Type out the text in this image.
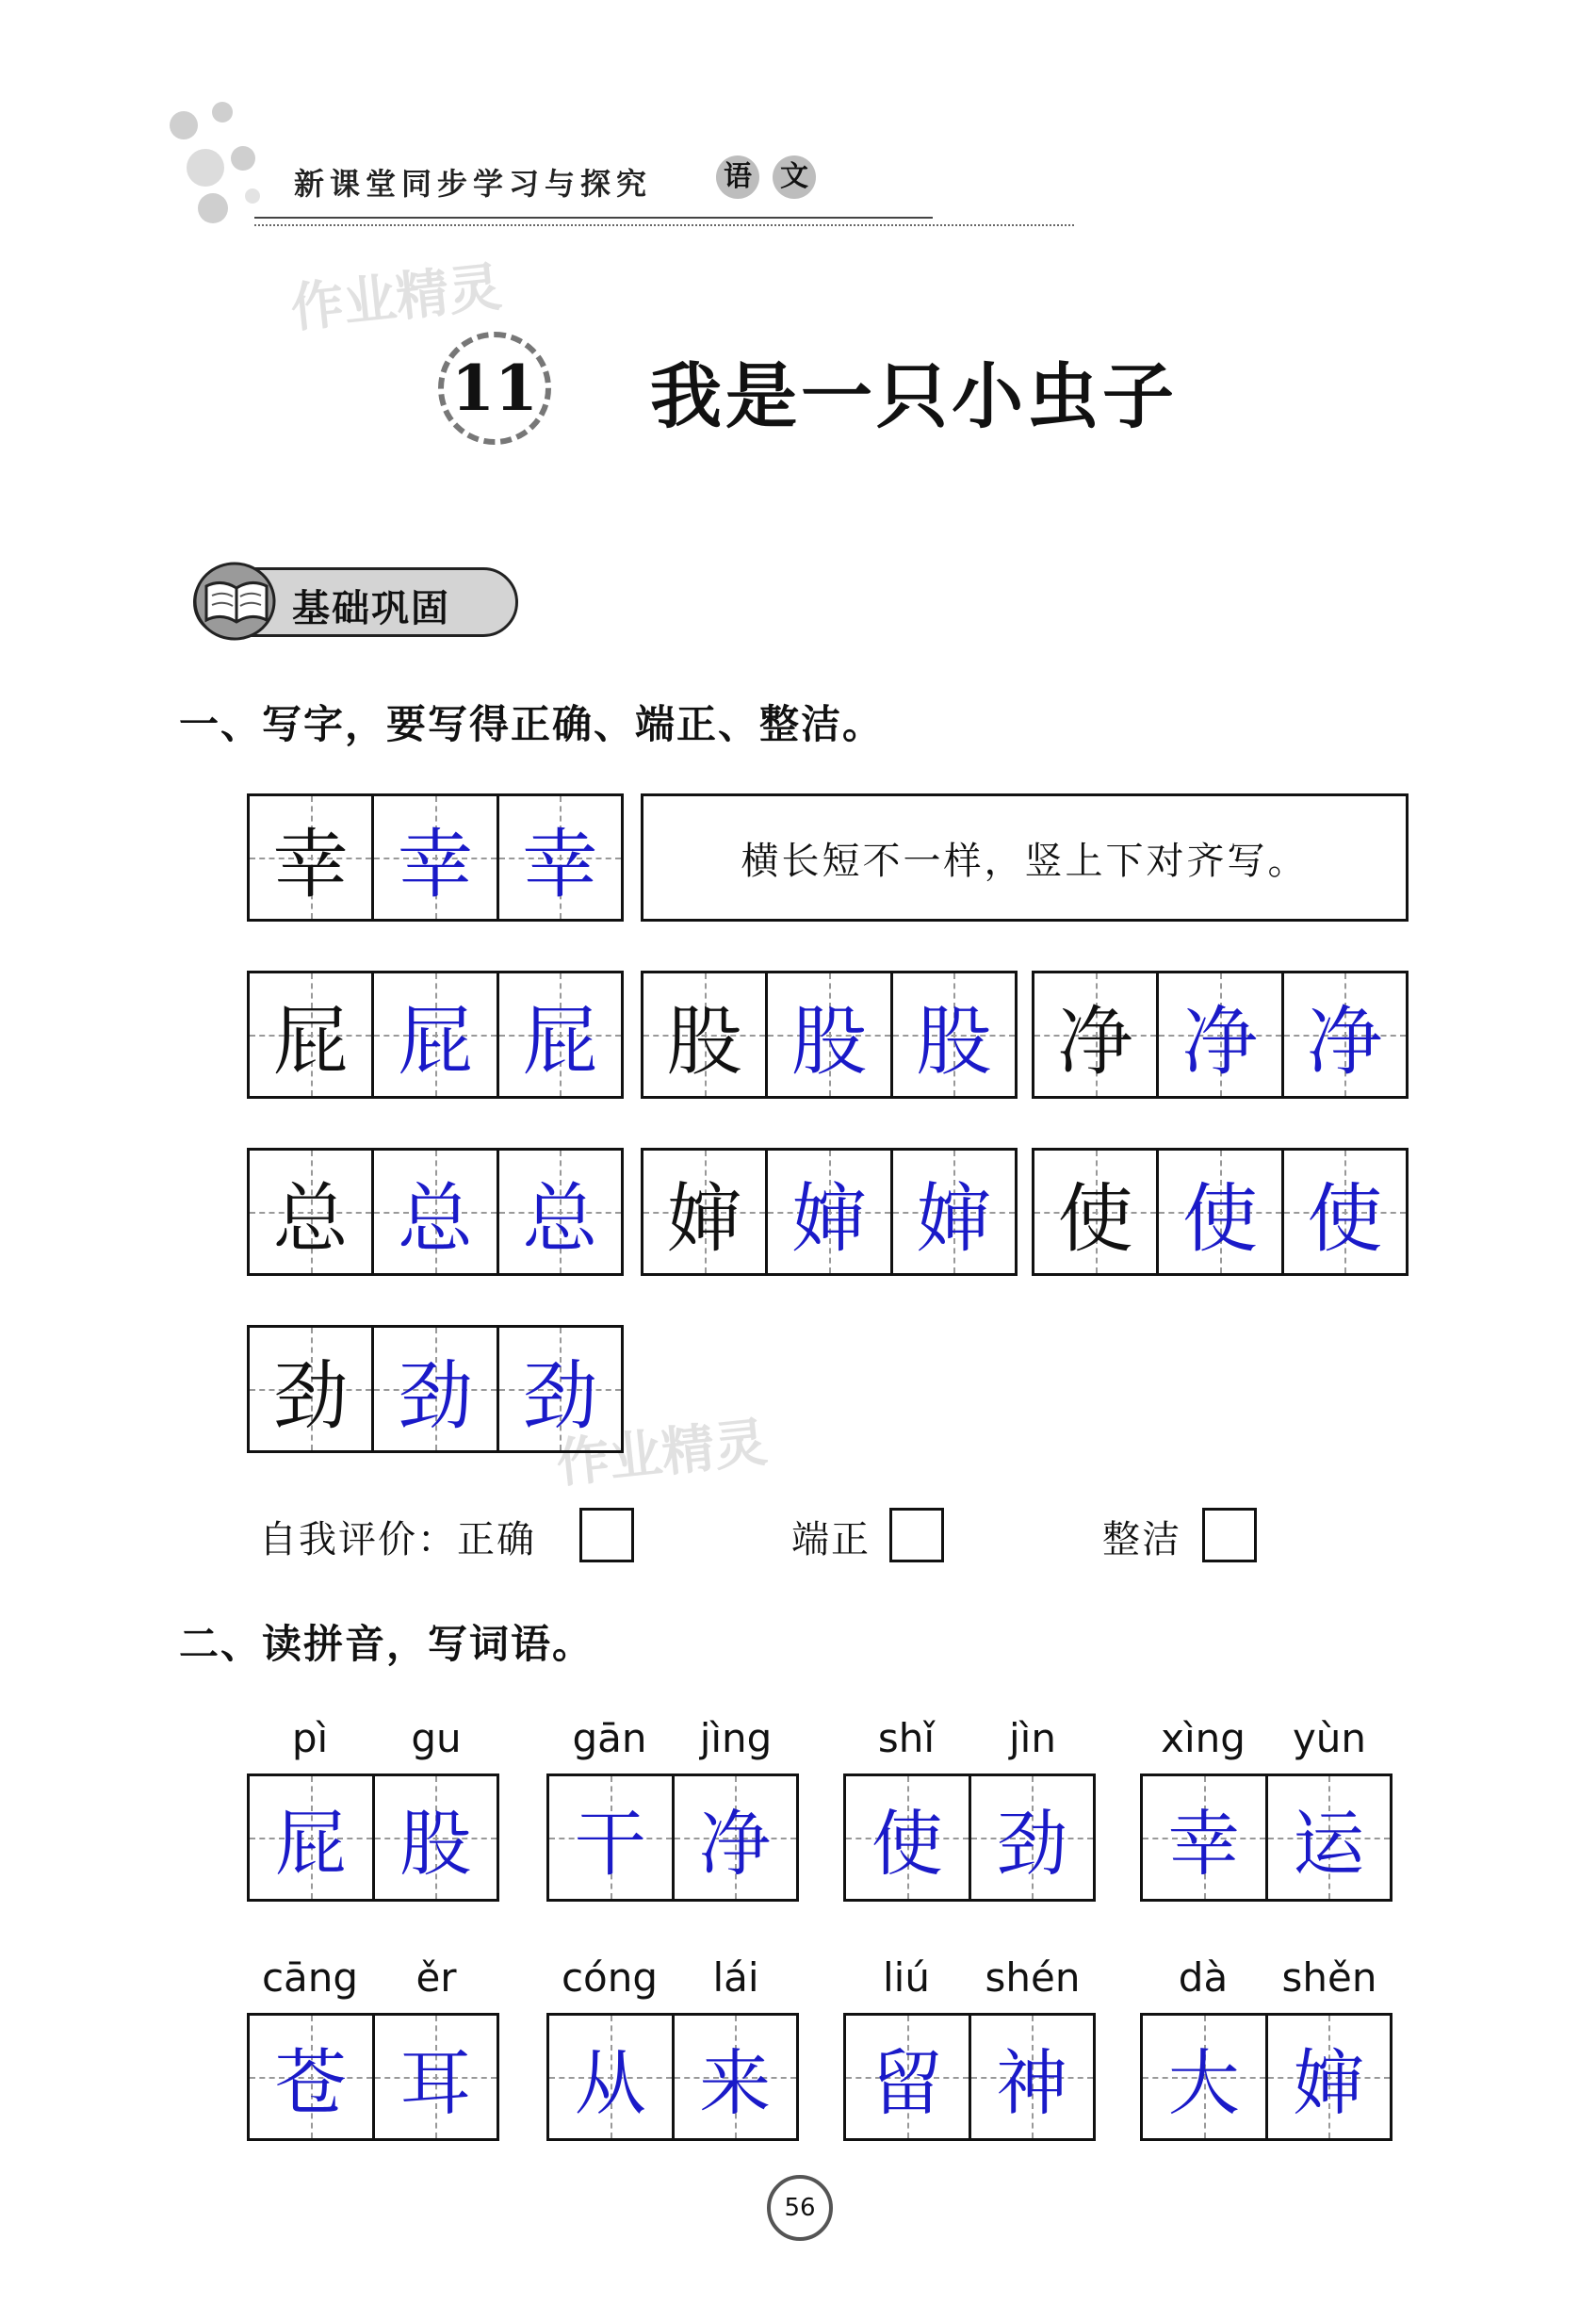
新课堂同步学习与探究	语 文
作业精灵
作业精灵
11 我是一只小虫子
基础巩固
一、写字，要写得正确、端正、整洁。
幸 幸 幸	横长短不一样，竖上下对齐写。
屁 屁 屁 股 股 股 净 净 净
总 总 总 婶 婶 婶 使 使 使
劲 劲 劲
自我评价：正确	端正	整洁
二、读拼音，写词语。
pì	gu
屁 股
gān	jìng
干 净
shǐ	jìn
使 劲
xìng	yùn
幸 运
cāng	ěr
苍 耳
cóng	lái
从 来
liú	shén
留 神
dà	shěn
大 婶
56
